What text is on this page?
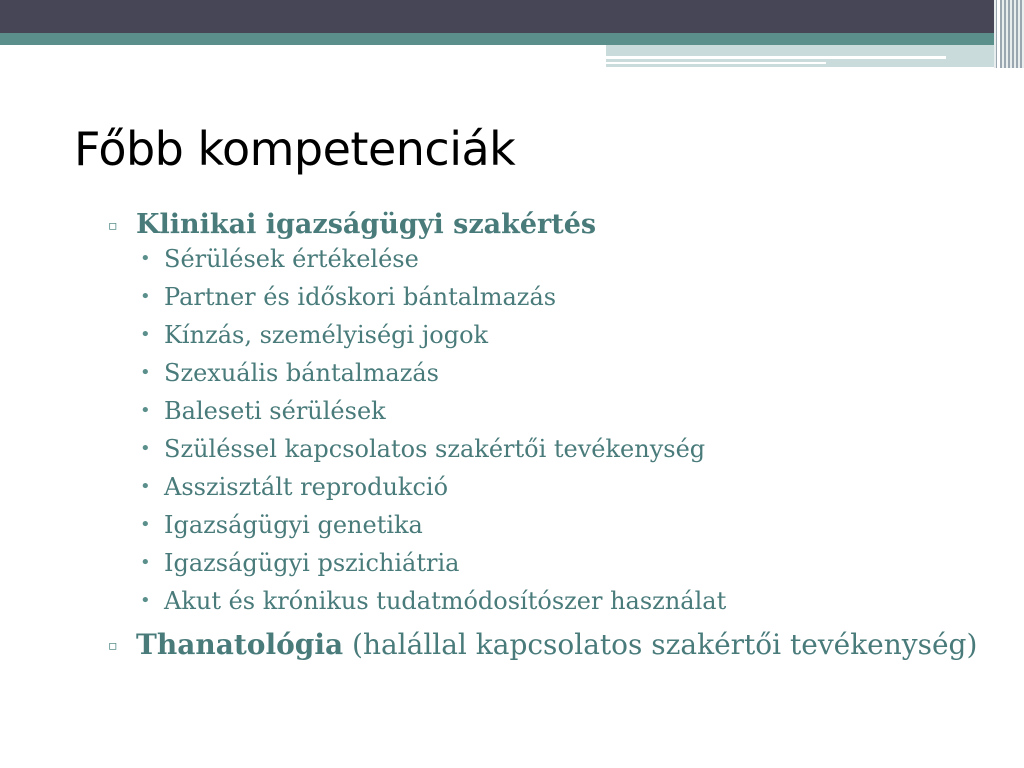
Főbb kompetenciák
▫ Klinikai igazságügyi szakértés
• Sérülések értékelése
• Partner és időskori bántalmazás
• Kínzás, személyiségi jogok
• Szexuális bántalmazás
• Baleseti sérülések
• Szüléssel kapcsolatos szakértői tevékenység
• Asszisztált reprodukció
• Igazságügyi genetika
• Igazságügyi pszichiátria
• Akut és krónikus tudatmódosítószer használat
▫ Thanatológia (halállal kapcsolatos szakértői tevékenység)
